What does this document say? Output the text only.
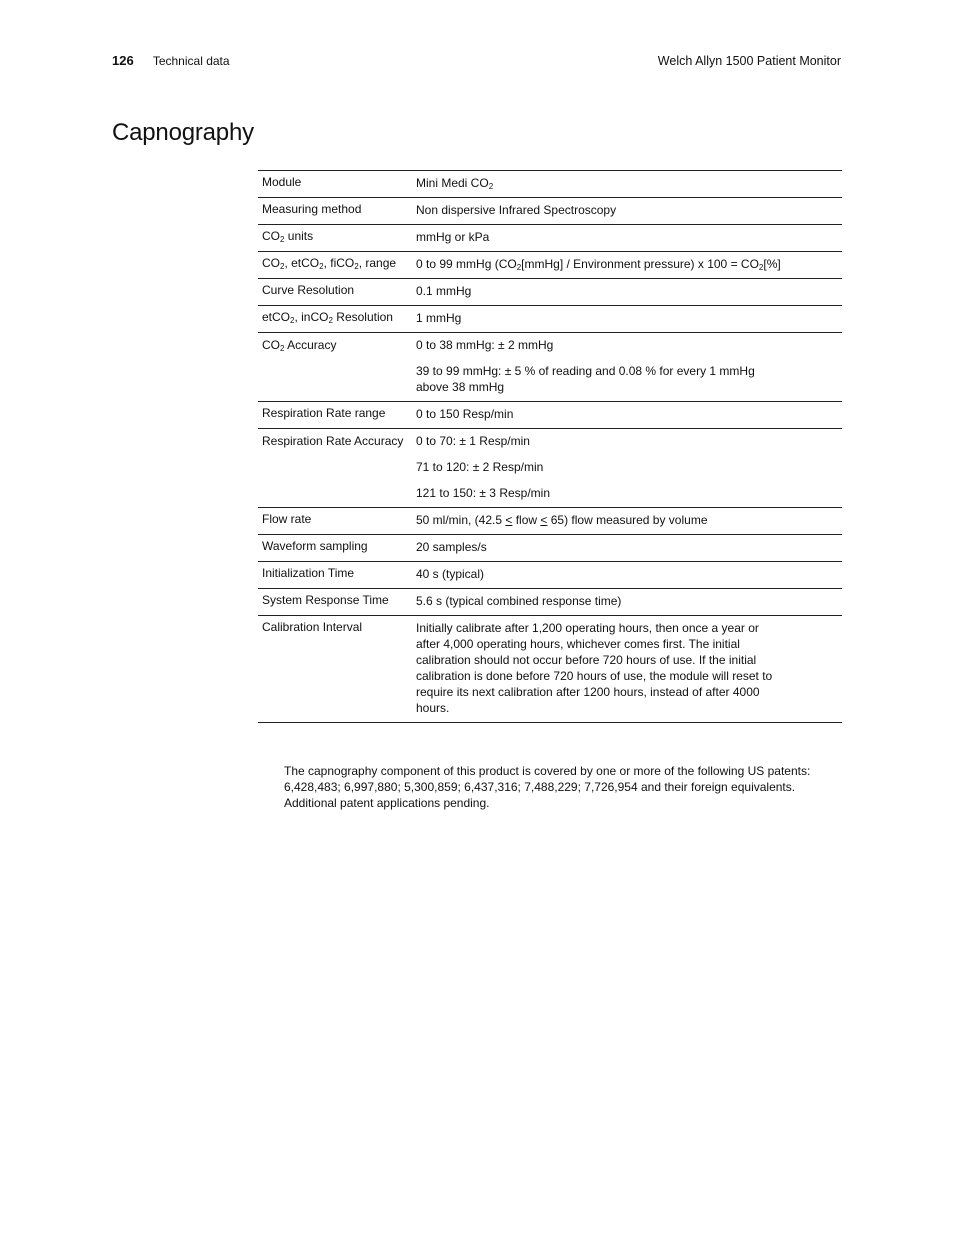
126 Technical data	Welch Allyn 1500 Patient Monitor
Capnography
Module	Mini Medi $CO_2$

Measuring method	Non dispersive Infrared Spectroscopy

$CO_2$ units	mmHg or kPa

$CO_2$, etCO$_2$, fiCO$_2$, range	0 to 99 mmHg ($CO_2[mmHg]$ / Environment pressure) x $100 = CO_2[\%]$

Curve Resolution	0.1 mmHg

etCO$_2$, inCO$_2$ Resolution	1 mmHg

$CO_2$ Accuracy	0 to 38 mmHg: ± 2 mmHg
39 to 99 mmHg: ± 5 % of reading and 0.08 % for every 1 mmHg above 38 mmHg

Respiration Rate range	0 to 150 Resp/min

Respiration Rate Accuracy	0 to 70: ± 1 Resp/min
71 to 120: ± 2 Resp/min
121 to 150: ± 3 Resp/min

Flow rate	50 ml/min, (42.5 < flow < 65) flow measured by volume

Waveform sampling	20 samples/s

Initialization Time	40 s (typical)

System Response Time	5.6 s (typical combined response time)

Calibration Interval	Initially calibrate after 1,200 operating hours, then once a year or after 4,000 operating hours, whichever comes first. The initial calibration should not occur before 720 hours of use. If the initial calibration is done before 720 hours of use, the module will reset to require its next calibration after 1200 hours, instead of after 4000 hours.

The capnography component of this product is covered by one or more of the following US patents: 6,428,483; 6,997,880; 5,300,859; 6,437,316; 7,488,229; 7,726,954 and their foreign equivalents. Additional patent applications pending.
